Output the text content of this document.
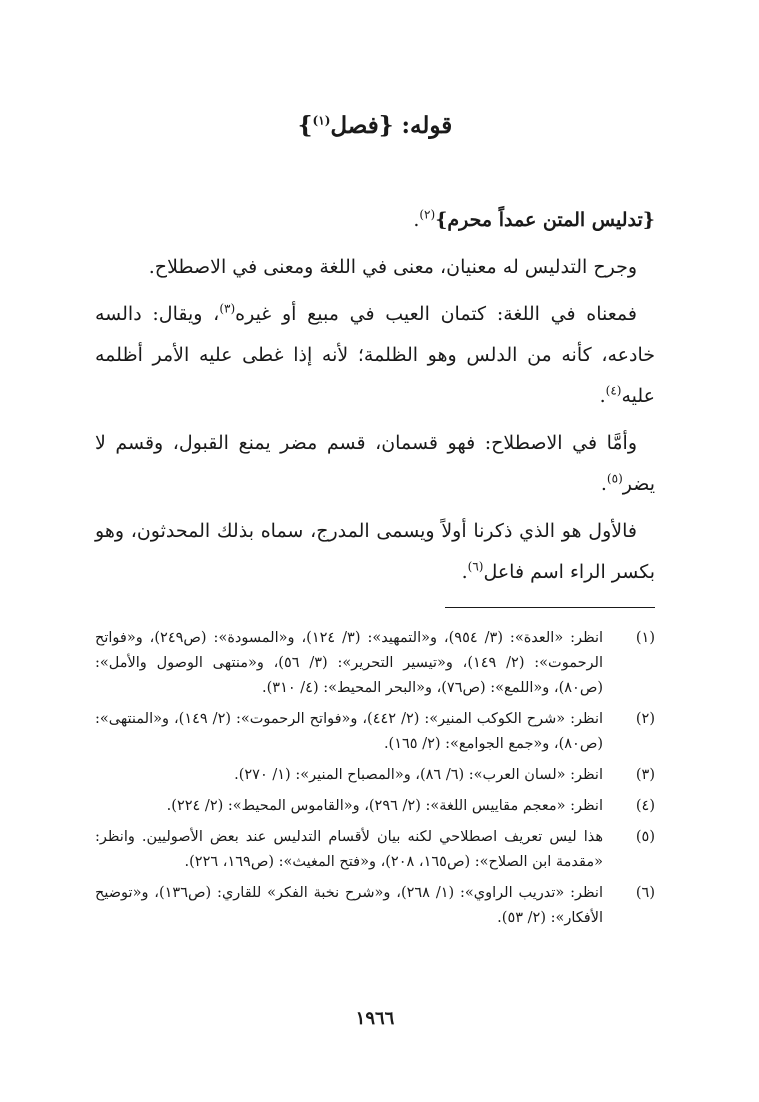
قوله: {فصل$^{(١)}$}

{تدليس المتن عمداً محرم}$^{(٢)}$.

وجرح التدليس له معنيان، معنى في اللغة ومعنى في الاصطلاح.

فمعناه في اللغة: كتمان العيب في مبيع أو غيره$^{(٣)}$، ويقال: دالسه خادعه، كأنه من الدلس وهو الظلمة؛ لأنه إذا غطى عليه الأمر أظلمه عليه$^{(٤)}$.

وأمَّا في الاصطلاح: فهو قسمان، قسم مضر يمنع القبول، وقسم لا يضر$^{(٥)}$.

فالأول هو الذي ذكرنا أولاً ويسمى المدرج، سماه بذلك المحدثون، وهو بكسر الراء اسم فاعل$^{(٦)}$.

(١)
انظر: «العدة»: (٣/ ٩٥٤)، و«التمهيد»: (٣/ ١٢٤)، و«المسودة»: (ص٢٤٩)، و«فواتح الرحموت»: (٢/ ١٤٩)، و«تيسير التحرير»: (٣/ ٥٦)، و«منتهى الوصول والأمل»: (ص٨٠)، و«اللمع»: (ص٧٦)، و«البحر المحيط»: (٤/ ٣١٠).
(٢)
انظر: «شرح الكوكب المنير»: (٢/ ٤٤٢)، و«فواتح الرحموت»: (٢/ ١٤٩)، و«المنتهى»: (ص٨٠)، و«جمع الجوامع»: (٢/ ١٦٥).
(٣)
انظر: «لسان العرب»: (٦/ ٨٦)، و«المصباح المنير»: (١/ ٢٧٠).
(٤)
انظر: «معجم مقاييس اللغة»: (٢/ ٢٩٦)، و«القاموس المحيط»: (٢/ ٢٢٤).
(٥)
هذا ليس تعريف اصطلاحي لكنه بيان لأقسام التدليس عند بعض الأصوليين. وانظر: «مقدمة ابن الصلاح»: (ص١٦٥، ٢٠٨)، و«فتح المغيث»: (ص١٦٩، ٢٢٦).
(٦)
انظر: «تدريب الراوي»: (١/ ٢٦٨)، و«شرح نخبة الفكر» للقاري: (ص١٣٦)، و«توضيح الأفكار»: (٢/ ٥٣).
١٩٦٦
